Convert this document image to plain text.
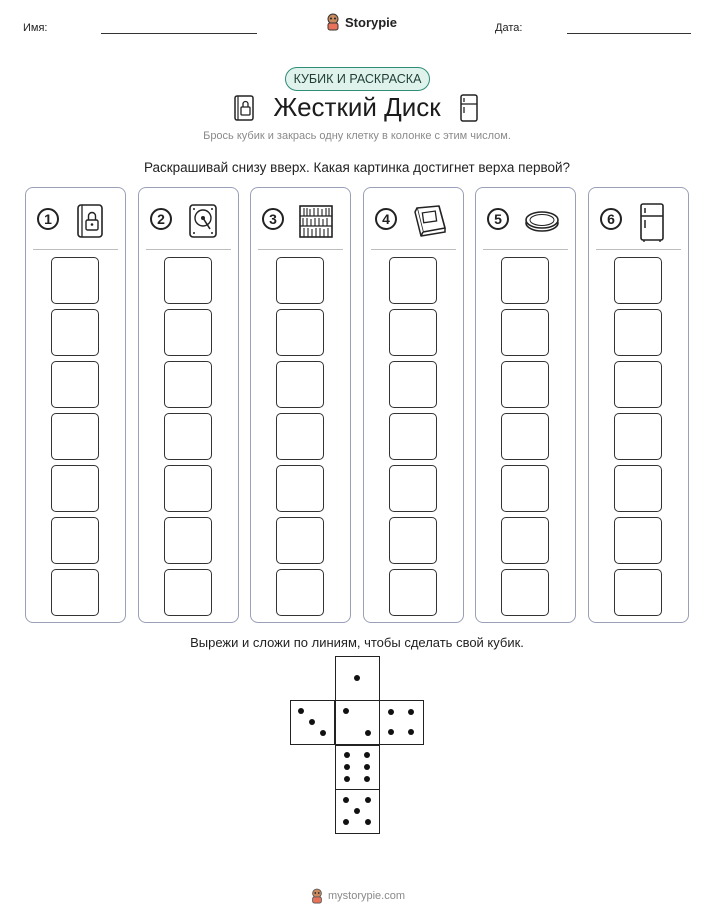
Имя:	Storypie	Дата:
КУБИК И РАСКРАСКА
Жесткий Диск
Брось кубик и закрась одну клетку в колонке с этим числом.
Раскрашивай снизу вверх. Какая картинка достигнет верха первой?
1	2	3	4	5	6
Вырежи и сложи по линиям, чтобы сделать свой кубик.
mystorypie.com
